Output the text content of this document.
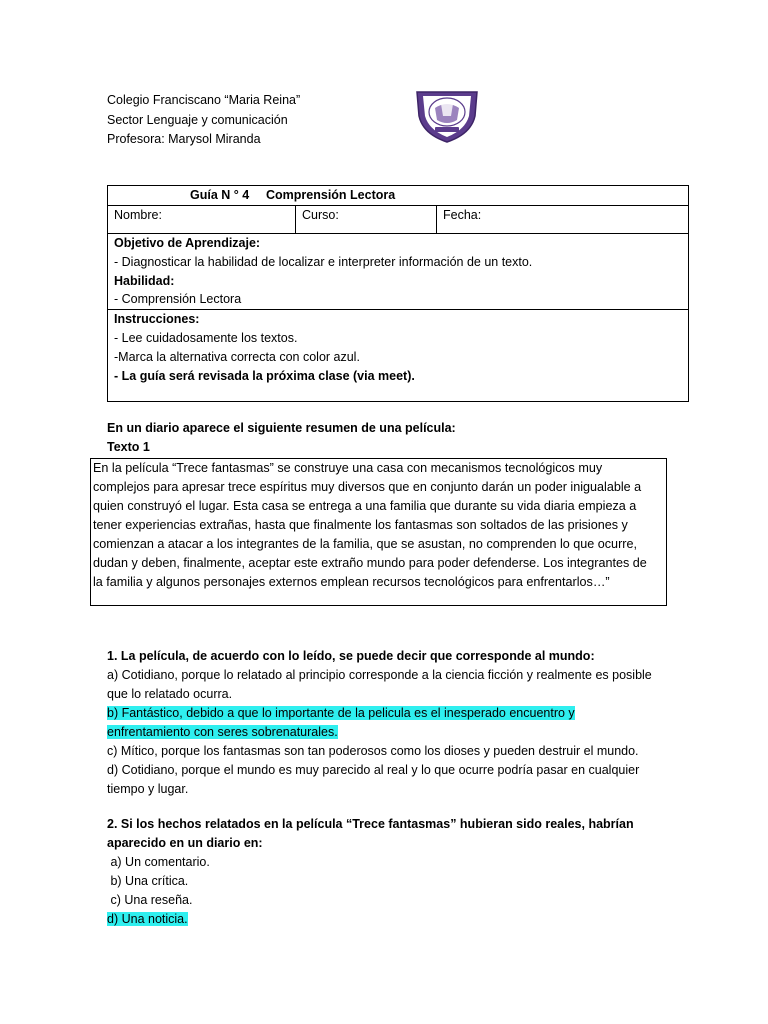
Colegio Franciscano “Maria Reina”
Sector Lenguaje y comunicación
Profesora: Marysol Miranda
Guía N ° 4 Comprensión Lectora
Nombre:	Curso:	Fecha:

Objetivo de Aprendizaje:
- Diagnosticar la habilidad de localizar e interpreter información de un texto.
Habilidad:
- Comprensión Lectora

Instrucciones:
- Lee cuidadosamente los textos.
-Marca la alternativa correcta con color azul.
- La guía será revisada la próxima clase (via meet).
En un diario aparece el siguiente resumen de una película:
Texto 1

En la película “Trece fantasmas” se construye una casa con mecanismos tecnológicos muy

complejos para apresar trece espíritus muy diversos que en conjunto darán un poder inigualable a

quien construyó el lugar. Esta casa se entrega a una familia que durante su vida diaria empieza a

tener experiencias extrañas, hasta que finalmente los fantasmas son soltados de las prisiones y

comienzan a atacar a los integrantes de la familia, que se asustan, no comprenden lo que ocurre,

dudan y deben, finalmente, aceptar este extraño mundo para poder defenderse. Los integrantes de

la familia y algunos personajes externos emplean recursos tecnológicos para enfrentarlos…”

1. La película, de acuerdo con lo leído, se puede decir que corresponde al mundo:
a) Cotidiano, porque lo relatado al principio corresponde a la ciencia ficción y realmente es posible
que lo relatado ocurra.
b) Fantástico, debido a que lo importante de la pelicula es el inesperado encuentro y
enfrentamiento con seres sobrenaturales.
c) Mítico, porque los fantasmas son tan poderosos como los dioses y pueden destruir el mundo.
d) Cotidiano, porque el mundo es muy parecido al real y lo que ocurre podría pasar en cualquier
tiempo y lugar.
2. Si los hechos relatados en la película “Trece fantasmas” hubieran sido reales, habrían
aparecido en un diario en:
a) Un comentario.
b) Una crítica.
c) Una reseña.
d) Una noticia.
